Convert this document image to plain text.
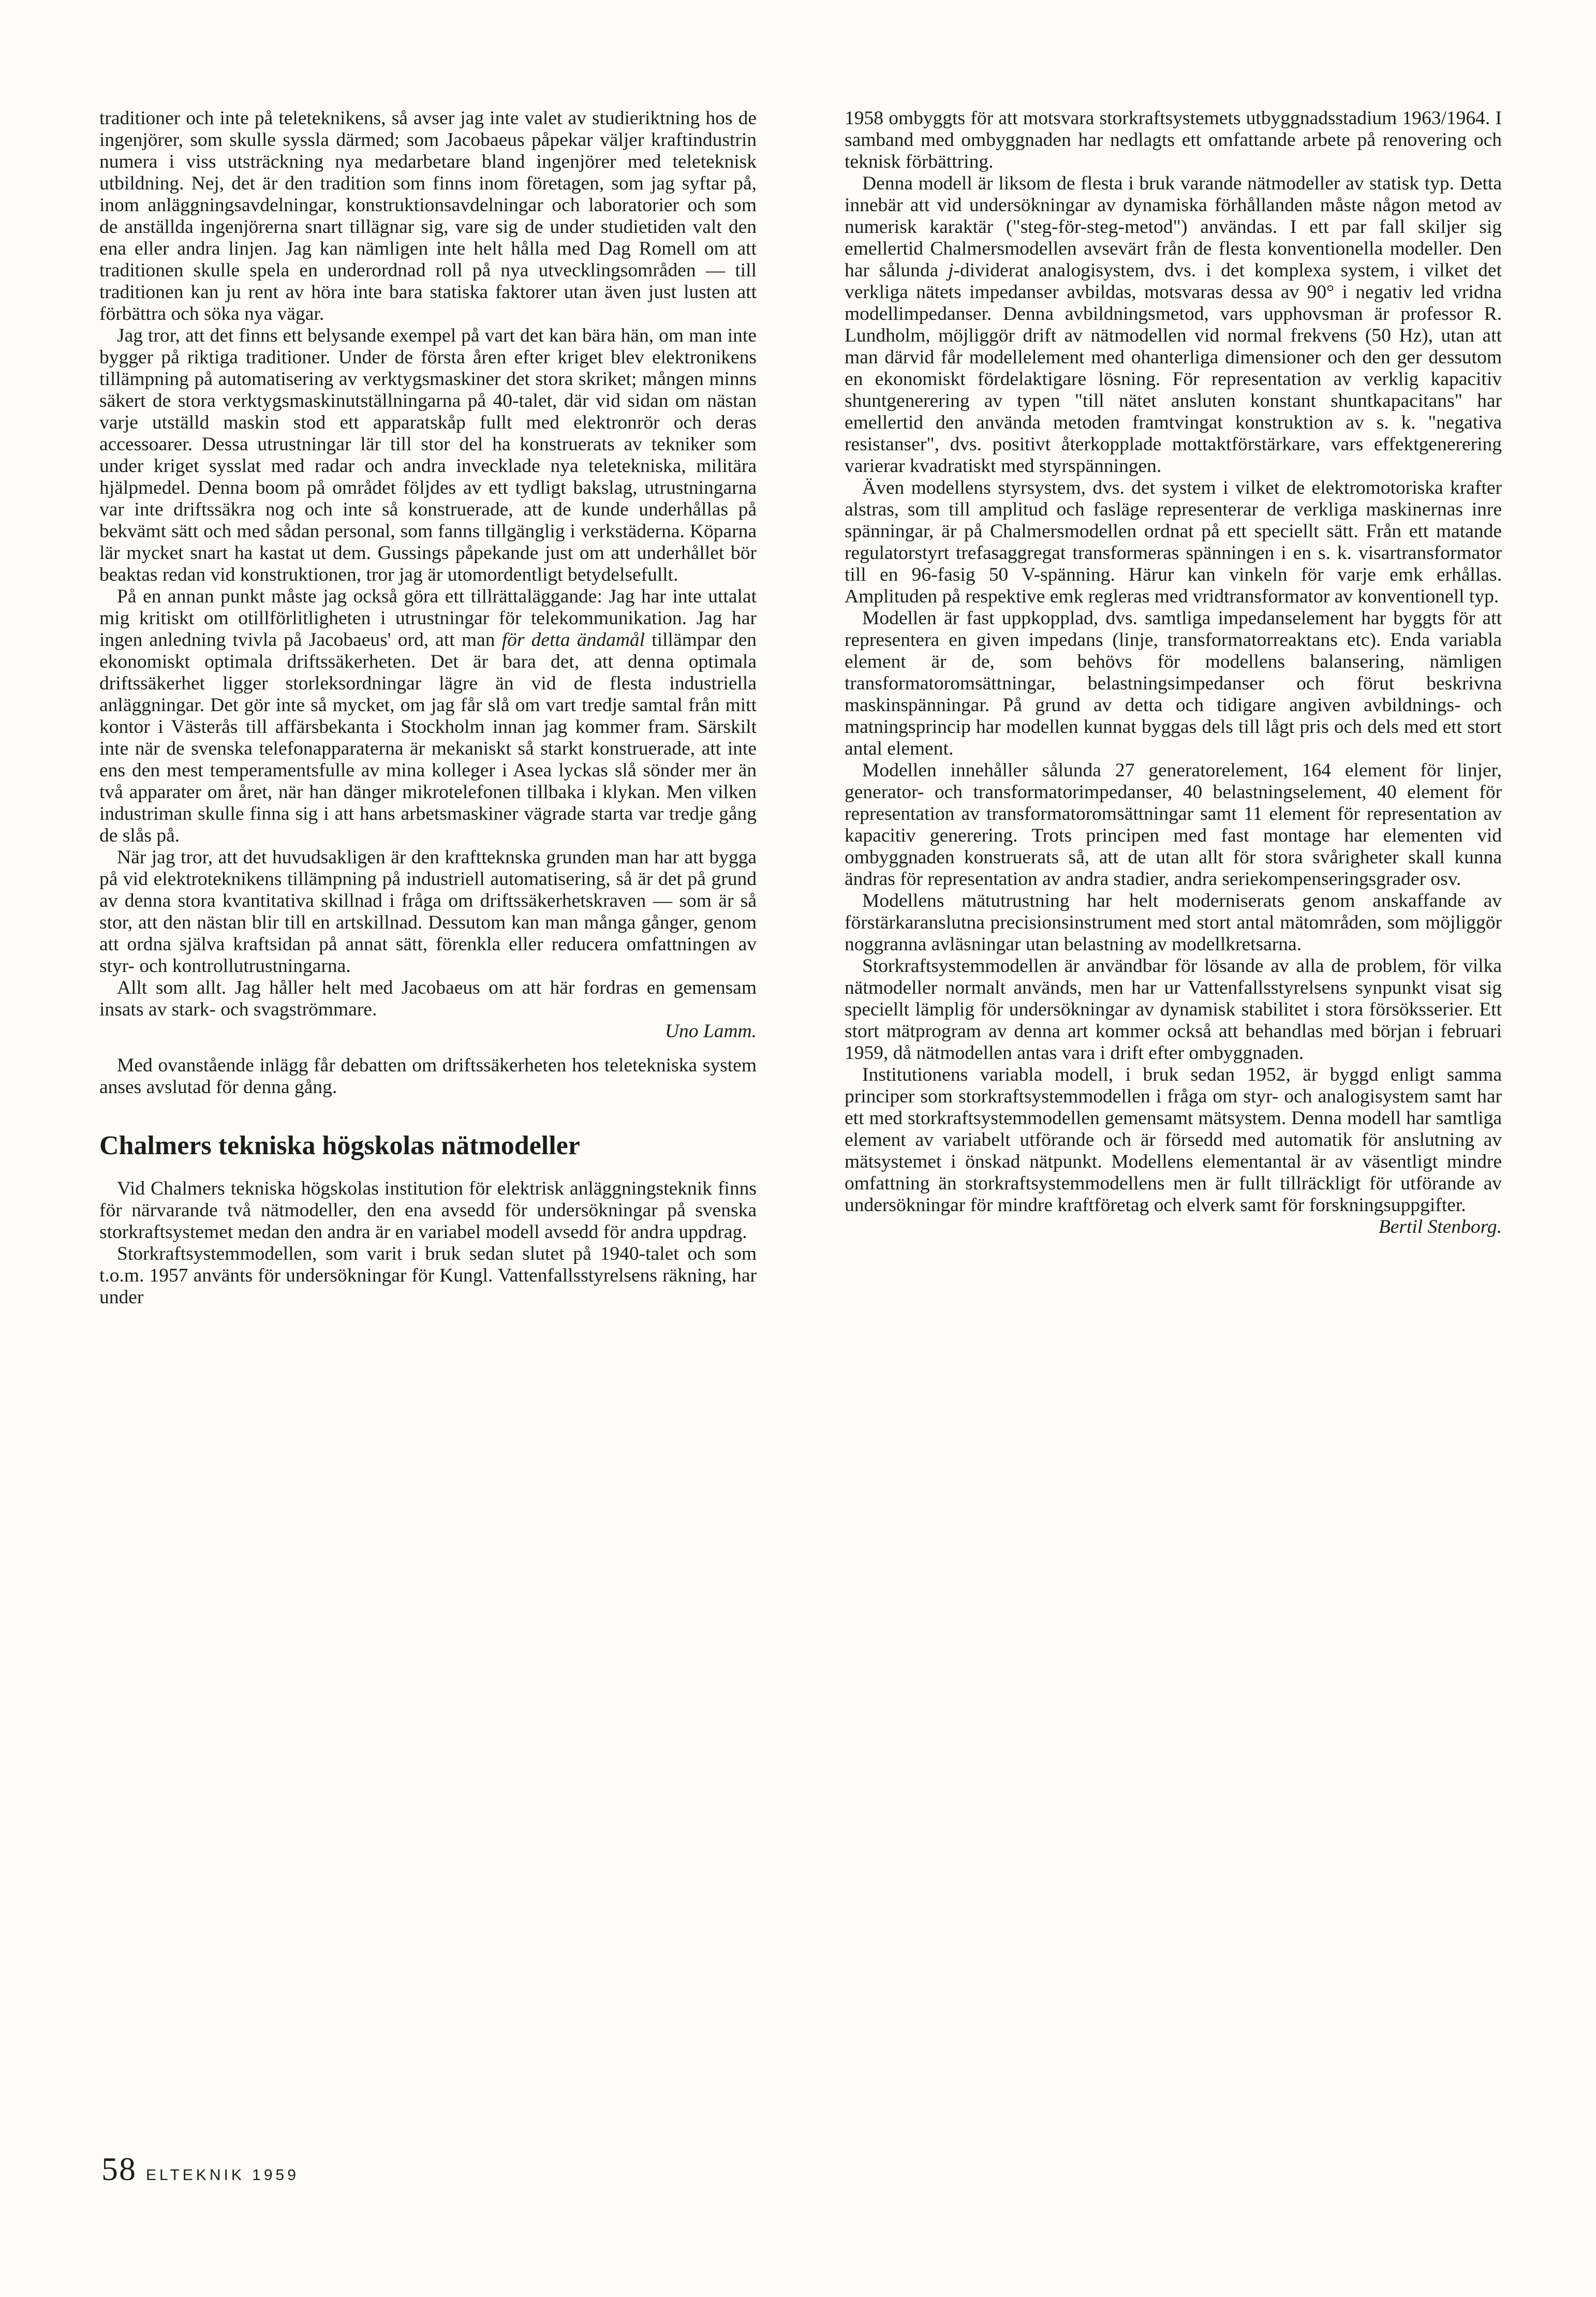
traditioner och inte på teleteknikens, så avser jag inte valet av studieriktning hos de ingenjörer, som skulle syssla därmed; som Jacobaeus påpekar väljer kraftindustrin numera i viss utsträckning nya medarbetare bland ingenjörer med teleteknisk utbildning. Nej, det är den tradition som finns inom företagen, som jag syftar på, inom anläggningsavdelningar, konstruktionsavdelningar och laboratorier och som de anställda ingenjörerna snart tillägnar sig, vare sig de under studietiden valt den ena eller andra linjen. Jag kan nämligen inte helt hålla med Dag Romell om att traditionen skulle spela en underordnad roll på nya utvecklingsområden — till traditionen kan ju rent av höra inte bara statiska faktorer utan även just lusten att förbättra och söka nya vägar.

Jag tror, att det finns ett belysande exempel på vart det kan bära hän, om man inte bygger på riktiga traditioner. Under de första åren efter kriget blev elektronikens tillämpning på automatisering av verktygsmaskiner det stora skriket; mången minns säkert de stora verktygsmaskinutställningarna på 40-talet, där vid sidan om nästan varje utställd maskin stod ett apparatskåp fullt med elektronrör och deras accessoarer. Dessa utrustningar lär till stor del ha konstruerats av tekniker som under kriget sysslat med radar och andra invecklade nya teletekniska, militära hjälpmedel. Denna boom på området följdes av ett tydligt bakslag, utrustningarna var inte driftssäkra nog och inte så konstruerade, att de kunde underhållas på bekvämt sätt och med sådan personal, som fanns tillgänglig i verkstäderna. Köparna lär mycket snart ha kastat ut dem. Gussings påpekande just om att underhållet bör beaktas redan vid konstruktionen, tror jag är utomordentligt betydelsefullt.

På en annan punkt måste jag också göra ett tillrättaläggande: Jag har inte uttalat mig kritiskt om otillförlitligheten i utrustningar för telekommunikation. Jag har ingen anledning tvivla på Jacobaeus' ord, att man för detta ändamål tillämpar den ekonomiskt optimala driftssäkerheten. Det är bara det, att denna optimala driftssäkerhet ligger storleksordningar lägre än vid de flesta industriella anläggningar. Det gör inte så mycket, om jag får slå om vart tredje samtal från mitt kontor i Västerås till affärsbekanta i Stockholm innan jag kommer fram. Särskilt inte när de svenska telefonapparaterna är mekaniskt så starkt konstruerade, att inte ens den mest temperamentsfulle av mina kolleger i Asea lyckas slå sönder mer än två apparater om året, när han dänger mikrotelefonen tillbaka i klykan. Men vilken industriman skulle finna sig i att hans arbetsmaskiner vägrade starta var tredje gång de slås på.

När jag tror, att det huvudsakligen är den kraftteknska grunden man har att bygga på vid elektroteknikens tillämpning på industriell automatisering, så är det på grund av denna stora kvantitativa skillnad i fråga om driftssäkerhetskraven — som är så stor, att den nästan blir till en artskillnad. Dessutom kan man många gånger, genom att ordna själva kraftsidan på annat sätt, förenkla eller reducera omfattningen av styr- och kontrollutrustningarna.

Allt som allt. Jag håller helt med Jacobaeus om att här fordras en gemensam insats av stark- och svagströmmare.

Uno Lamm.

Med ovanstående inlägg får debatten om driftssäkerheten hos teletekniska system anses avslutad för denna gång.

Chalmers tekniska högskolas nätmodeller

Vid Chalmers tekniska högskolas institution för elektrisk anläggningsteknik finns för närvarande två nätmodeller, den ena avsedd för undersökningar på svenska storkraftsystemet medan den andra är en variabel modell avsedd för andra uppdrag.

Storkraftsystemmodellen, som varit i bruk sedan slutet på 1940-talet och som t.o.m. 1957 använts för undersökningar för Kungl. Vattenfallsstyrelsens räkning, har under

1958 ombyggts för att motsvara storkraftsystemets utbyggnadsstadium 1963/1964. I samband med ombyggnaden har nedlagts ett omfattande arbete på renovering och teknisk förbättring.

Denna modell är liksom de flesta i bruk varande nätmodeller av statisk typ. Detta innebär att vid undersökningar av dynamiska förhållanden måste någon metod av numerisk karaktär ("steg-för-steg-metod") användas. I ett par fall skiljer sig emellertid Chalmersmodellen avsevärt från de flesta konventionella modeller. Den har sålunda j-dividerat analogisystem, dvs. i det komplexa system, i vilket det verkliga nätets impedanser avbildas, motsvaras dessa av 90° i negativ led vridna modellimpedanser. Denna avbildningsmetod, vars upphovsman är professor R. Lundholm, möjliggör drift av nätmodellen vid normal frekvens (50 Hz), utan att man därvid får modellelement med ohanterliga dimensioner och den ger dessutom en ekonomiskt fördelaktigare lösning. För representation av verklig kapacitiv shuntgenerering av typen "till nätet ansluten konstant shuntkapacitans" har emellertid den använda metoden framtvingat konstruktion av s. k. "negativa resistanser", dvs. positivt återkopplade mottaktförstärkare, vars effektgenerering varierar kvadratiskt med styrspänningen.

Även modellens styrsystem, dvs. det system i vilket de elektromotoriska krafter alstras, som till amplitud och fasläge representerar de verkliga maskinernas inre spänningar, är på Chalmersmodellen ordnat på ett speciellt sätt. Från ett matande regulatorstyrt trefasaggregat transformeras spänningen i en s. k. visartransformator till en 96-fasig 50 V-spänning. Härur kan vinkeln för varje emk erhållas. Amplituden på respektive emk regleras med vridtransformator av konventionell typ.

Modellen är fast uppkopplad, dvs. samtliga impedanselement har byggts för att representera en given impedans (linje, transformatorreaktans etc). Enda variabla element är de, som behövs för modellens balansering, nämligen transformatoromsättningar, belastningsimpedanser och förut beskrivna maskinspänningar. På grund av detta och tidigare angiven avbildnings- och matningsprincip har modellen kunnat byggas dels till lågt pris och dels med ett stort antal element.

Modellen innehåller sålunda 27 generatorelement, 164 element för linjer, generator- och transformatorimpedanser, 40 belastningselement, 40 element för representation av transformatoromsättningar samt 11 element för representation av kapacitiv generering. Trots principen med fast montage har elementen vid ombyggnaden konstruerats så, att de utan allt för stora svårigheter skall kunna ändras för representation av andra stadier, andra seriekompenseringsgrader osv.

Modellens mätutrustning har helt moderniserats genom anskaffande av förstärkaranslutna precisionsinstrument med stort antal mätområden, som möjliggör noggranna avläsningar utan belastning av modellkretsarna.

Storkraftsystemmodellen är användbar för lösande av alla de problem, för vilka nätmodeller normalt används, men har ur Vattenfallsstyrelsens synpunkt visat sig speciellt lämplig för undersökningar av dynamisk stabilitet i stora försöksserier. Ett stort mätprogram av denna art kommer också att behandlas med början i februari 1959, då nätmodellen antas vara i drift efter ombyggnaden.

Institutionens variabla modell, i bruk sedan 1952, är byggd enligt samma principer som storkraftsystemmodellen i fråga om styr- och analogisystem samt har ett med storkraftsystemmodellen gemensamt mätsystem. Denna modell har samtliga element av variabelt utförande och är försedd med automatik för anslutning av mätsystemet i önskad nätpunkt. Modellens elementantal är av väsentligt mindre omfattning än storkraftsystemmodellens men är fullt tillräckligt för utförande av undersökningar för mindre kraftföretag och elverk samt för forskningsuppgifter.

Bertil Stenborg.

58 ELTEKNIK 1959
